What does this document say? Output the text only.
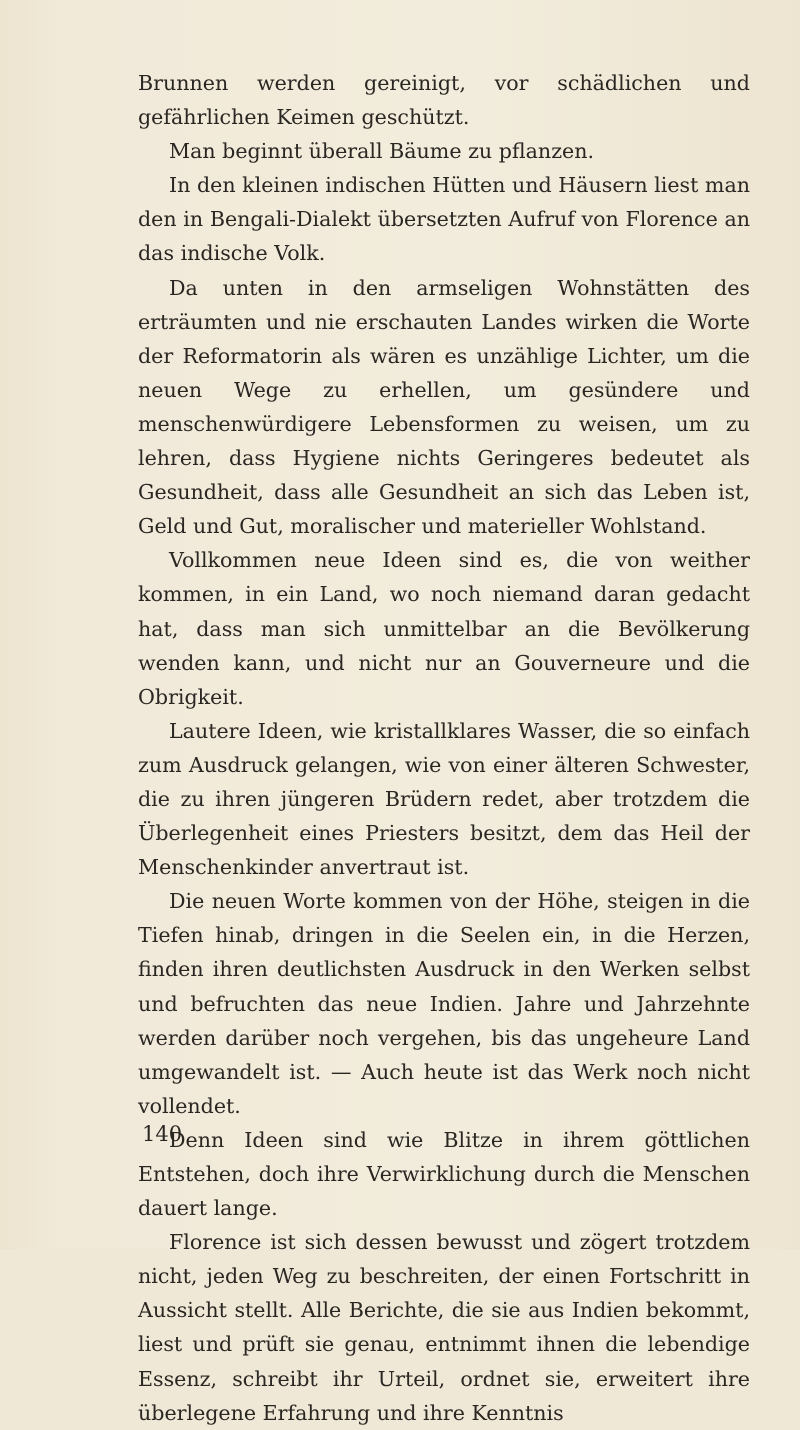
Brunnen werden gereinigt, vor schädlichen und gefährlichen Keimen geschützt.

Man beginnt überall Bäume zu pflanzen.

In den kleinen indischen Hütten und Häusern liest man den in Bengali-Dialekt übersetzten Aufruf von Florence an das indische Volk.

Da unten in den armseligen Wohnstätten des erträumten und nie erschauten Landes wirken die Worte der Reformatorin als wären es unzählige Lichter, um die neuen Wege zu erhellen, um gesündere und menschenwürdigere Lebensformen zu weisen, um zu lehren, dass Hygiene nichts Geringeres bedeutet als Gesundheit, dass alle Gesundheit an sich das Leben ist, Geld und Gut, moralischer und materieller Wohlstand.

Vollkommen neue Ideen sind es, die von weither kommen, in ein Land, wo noch niemand daran gedacht hat, dass man sich unmittelbar an die Bevölkerung wenden kann, und nicht nur an Gouverneure und die Obrigkeit.

Lautere Ideen, wie kristallklares Wasser, die so einfach zum Ausdruck gelangen, wie von einer älteren Schwester, die zu ihren jüngeren Brüdern redet, aber trotzdem die Überlegenheit eines Priesters besitzt, dem das Heil der Menschenkinder anvertraut ist.

Die neuen Worte kommen von der Höhe, steigen in die Tiefen hinab, dringen in die Seelen ein, in die Herzen, finden ihren deutlichsten Ausdruck in den Werken selbst und befruchten das neue Indien. Jahre und Jahrzehnte werden darüber noch vergehen, bis das ungeheure Land umgewandelt ist. — Auch heute ist das Werk noch nicht vollendet.

Denn Ideen sind wie Blitze in ihrem göttlichen Entstehen, doch ihre Verwirklichung durch die Menschen dauert lange.

Florence ist sich dessen bewusst und zögert trotzdem nicht, jeden Weg zu beschreiten, der einen Fortschritt in Aussicht stellt. Alle Berichte, die sie aus Indien bekommt, liest und prüft sie genau, entnimmt ihnen die lebendige Essenz, schreibt ihr Urteil, ordnet sie, erweitert ihre überlegene Erfahrung und ihre Kenntnis

140
